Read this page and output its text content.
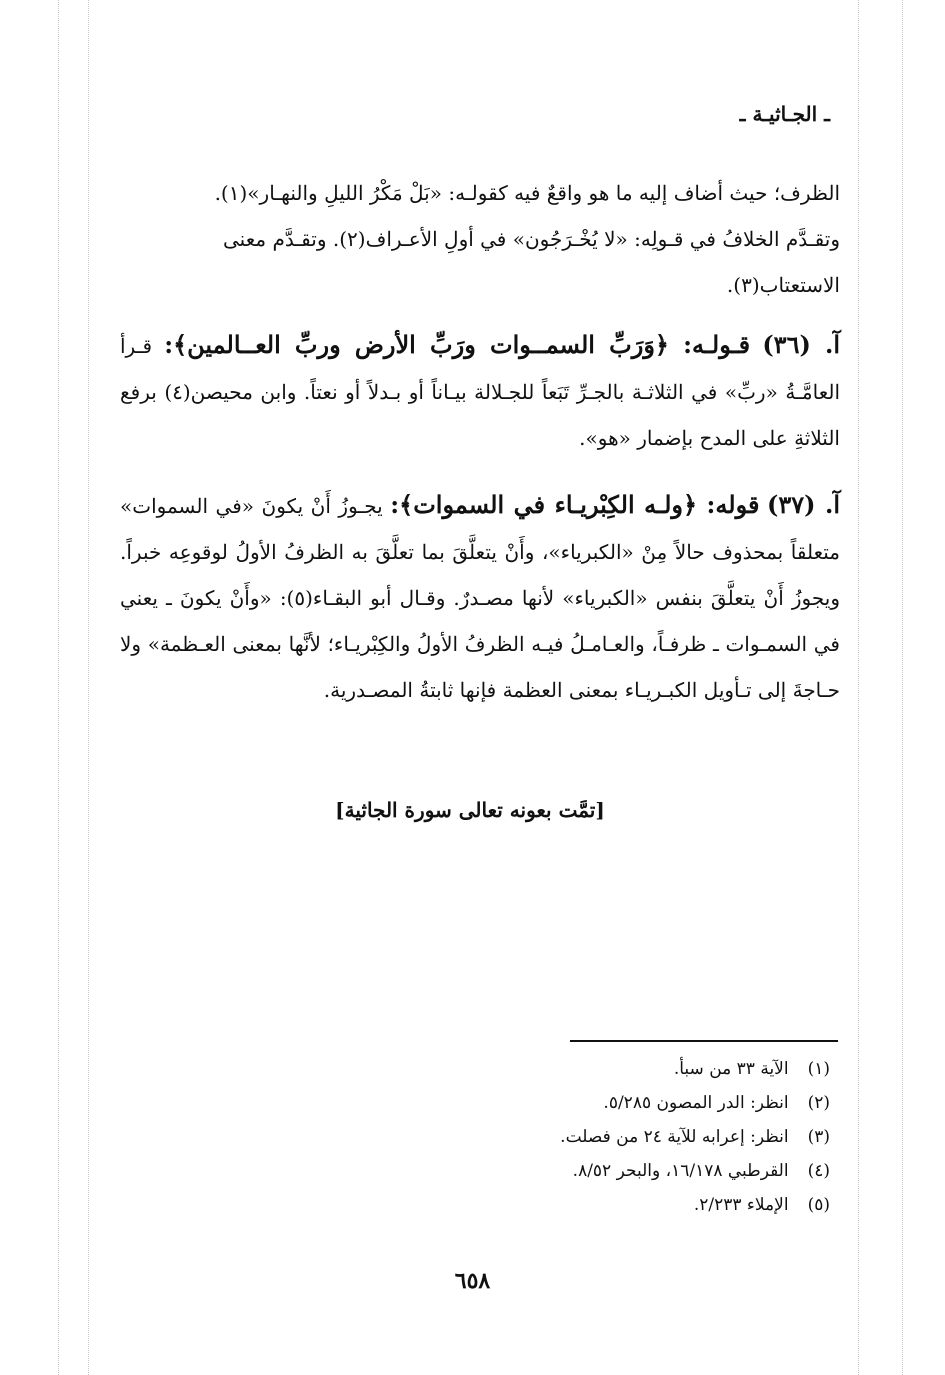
ـ الجـاثيـة ـ
الظرف؛ حيث أضاف إليه ما هو واقعٌ فيه كقولـه: «بَلْ مَكْرُ الليلِ والنهـار»(١).
وتقـدَّم الخلافُ في قـولِه: «لا يُخْـرَجُون» في أولِ الأعـراف(٢). وتقـدَّم معنى
الاستعتاب(٣).
آ. (٣٦) قـولـه: ﴿وَرَبِّ السمــوات ورَبِّ الأرض وربِّ العــالمين﴾: قـرأ العامَّـةُ «ربِّ» في الثلاثـة بالجـرِّ تَبَعاً للجـلالة بيـاناً أو بـدلاً أو نعتاً. وابن محيصن(٤) برفع الثلاثةِ على المدح بإضمار «هو».
آ. (٣٧) قوله: ﴿ولـه الكِبْريـاء في السموات﴾: يجـوزُ أَنْ يكونَ «في السموات» متعلقاً بمحذوف حالاً مِنْ «الكبرياء»، وأَنْ يتعلَّقَ بما تعلَّقَ به الظرفُ الأولُ لوقوعِه خبراً. ويجوزُ أَنْ يتعلَّقَ بنفس «الكبرياء» لأنها مصـدرٌ. وقـال أبو البقـاء(٥): «وأَنْ يكونَ ـ يعني في السمـوات ـ ظرفـاً، والعـامـلُ فيـه الظرفُ الأولُ والكِبْريـاء؛ لأنَّها بمعنى العـظمة» ولا حـاجةَ إلى تـأويل الكبـريـاء بمعنى العظمة فإنها ثابتةُ المصـدرية.
[تمَّت بعونه تعالى سورة الجاثية]
(١) الآية ٣٣ من سبأ.
(٢) انظر: الدر المصون ٥/٢٨٥.
(٣) انظر: إعرابه للآية ٢٤ من فصلت.
(٤) القرطبي ١٦/١٧٨، والبحر ٨/٥٢.
(٥) الإملاء ٢/٢٣٣.
٦٥٨
